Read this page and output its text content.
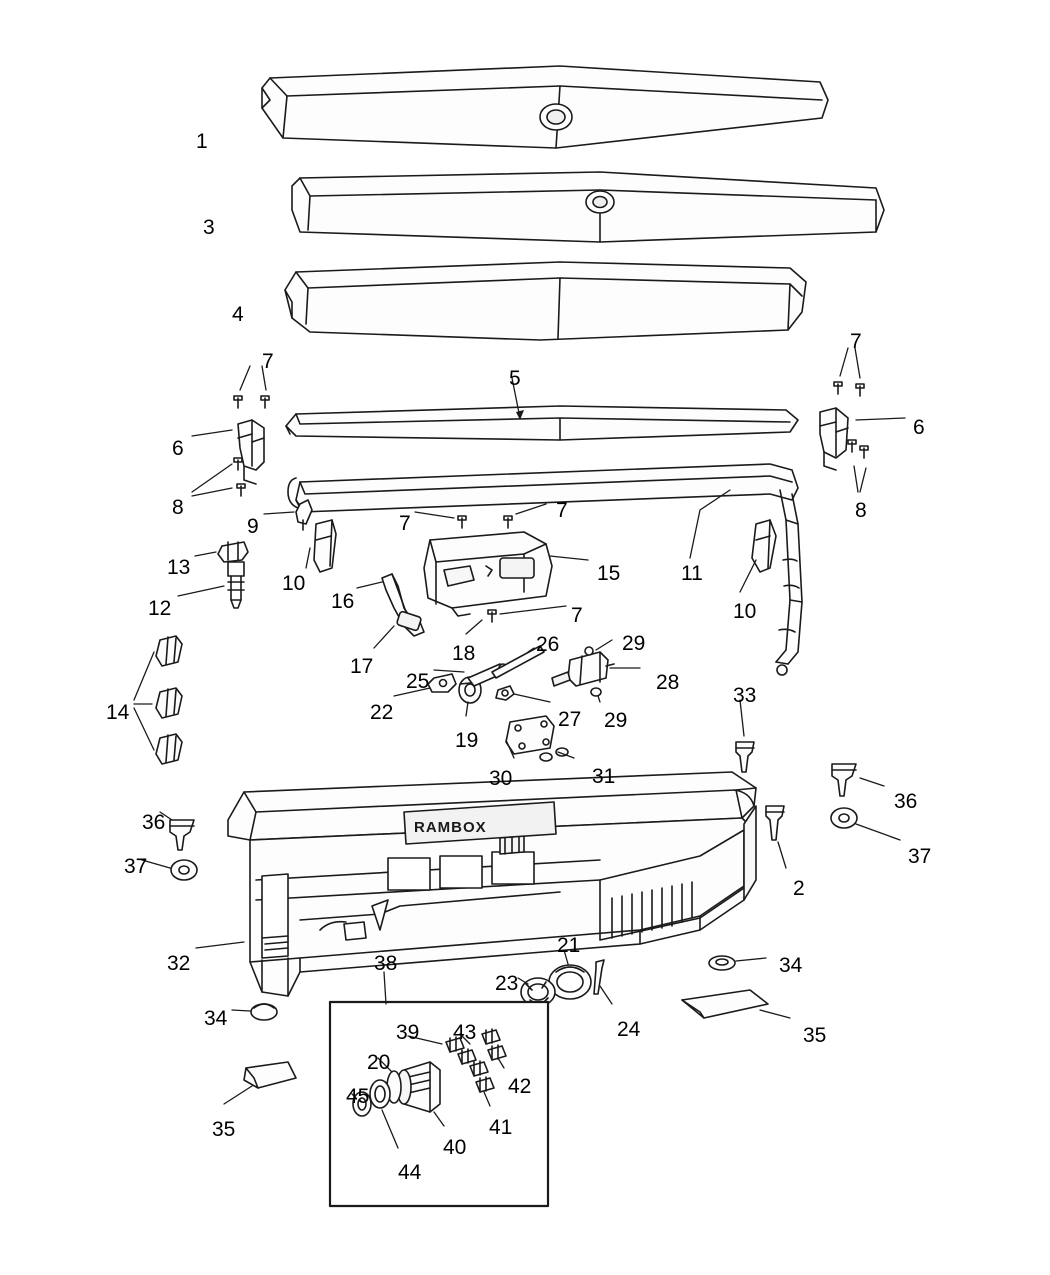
RAMBOX
1
3
4
7
7
5
6
6
8	8
9	7
7
11
10
10
13
12	16
15
7
18
17
26	29
28
25
27 29
22
19
14
33
30	31
36
37
2
36
37
32	38
21
34
23
24	35
34
35
39 43
20
42
45
41
40
44
